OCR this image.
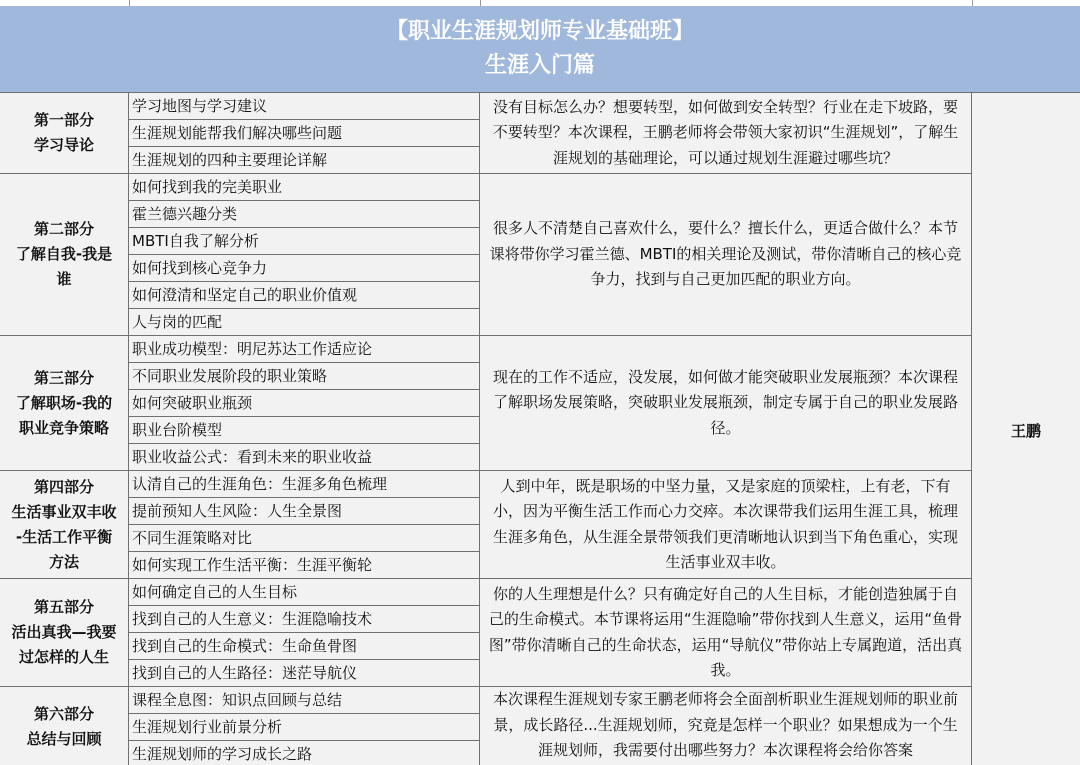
【职业生涯规划师专业基础班】
生涯入门篇
第一部分
学习导论
学习地图与学习建议
生涯规划能帮我们解决哪些问题
生涯规划的四种主要理论详解
没有目标怎么办？想要转型，如何做到安全转型？行业在走下坡路，要不要转型？本次课程，王鹏老师将会带领大家初识“生涯规划”，了解生涯规划的基础理论，可以通过规划生涯避过哪些坑？
第二部分
了解自我-我是
谁
如何找到我的完美职业
霍兰德兴趣分类
MBTI自我了解分析
如何找到核心竞争力
如何澄清和坚定自己的职业价值观
人与岗的匹配
很多人不清楚自己喜欢什么，要什么？擅长什么，更适合做什么？本节课将带你学习霍兰德、MBTI的相关理论及测试，带你清晰自己的核心竞争力，找到与自己更加匹配的职业方向。
第三部分
了解职场-我的
职业竞争策略
职业成功模型：明尼苏达工作适应论
不同职业发展阶段的职业策略
如何突破职业瓶颈
职业台阶模型
职业收益公式：看到未来的职业收益
现在的工作不适应，没发展，如何做才能突破职业发展瓶颈？本次课程了解职场发展策略，突破职业发展瓶颈，制定专属于自己的职业发展路径。
第四部分
生活事业双丰收
-生活工作平衡
方法
认清自己的生涯角色：生涯多角色梳理
提前预知人生风险：人生全景图
不同生涯策略对比
如何实现工作生活平衡：生涯平衡轮
人到中年，既是职场的中坚力量，又是家庭的顶梁柱，上有老，下有小，因为平衡生活工作而心力交瘁。本次课带我们运用生涯工具，梳理生涯多角色，从生涯全景带领我们更清晰地认识到当下角色重心，实现生活事业双丰收。
第五部分
活出真我—我要
过怎样的人生
如何确定自己的人生目标
找到自己的人生意义：生涯隐喻技术
找到自己的生命模式：生命鱼骨图
找到自己的人生路径：迷茫导航仪
你的人生理想是什么？只有确定好自己的人生目标，才能创造独属于自己的生命模式。本节课将运用“生涯隐喻”带你找到人生意义，运用“鱼骨图”带你清晰自己的生命状态，运用“导航仪”带你站上专属跑道，活出真我。
第六部分
总结与回顾
课程全息图：知识点回顾与总结
生涯规划行业前景分析
生涯规划师的学习成长之路
本次课程生涯规划专家王鹏老师将会全面剖析职业生涯规划师的职业前景，成长路径...生涯规划师，究竟是怎样一个职业？如果想成为一个生涯规划师，我需要付出哪些努力？本次课程将会给你答案
王鹏
